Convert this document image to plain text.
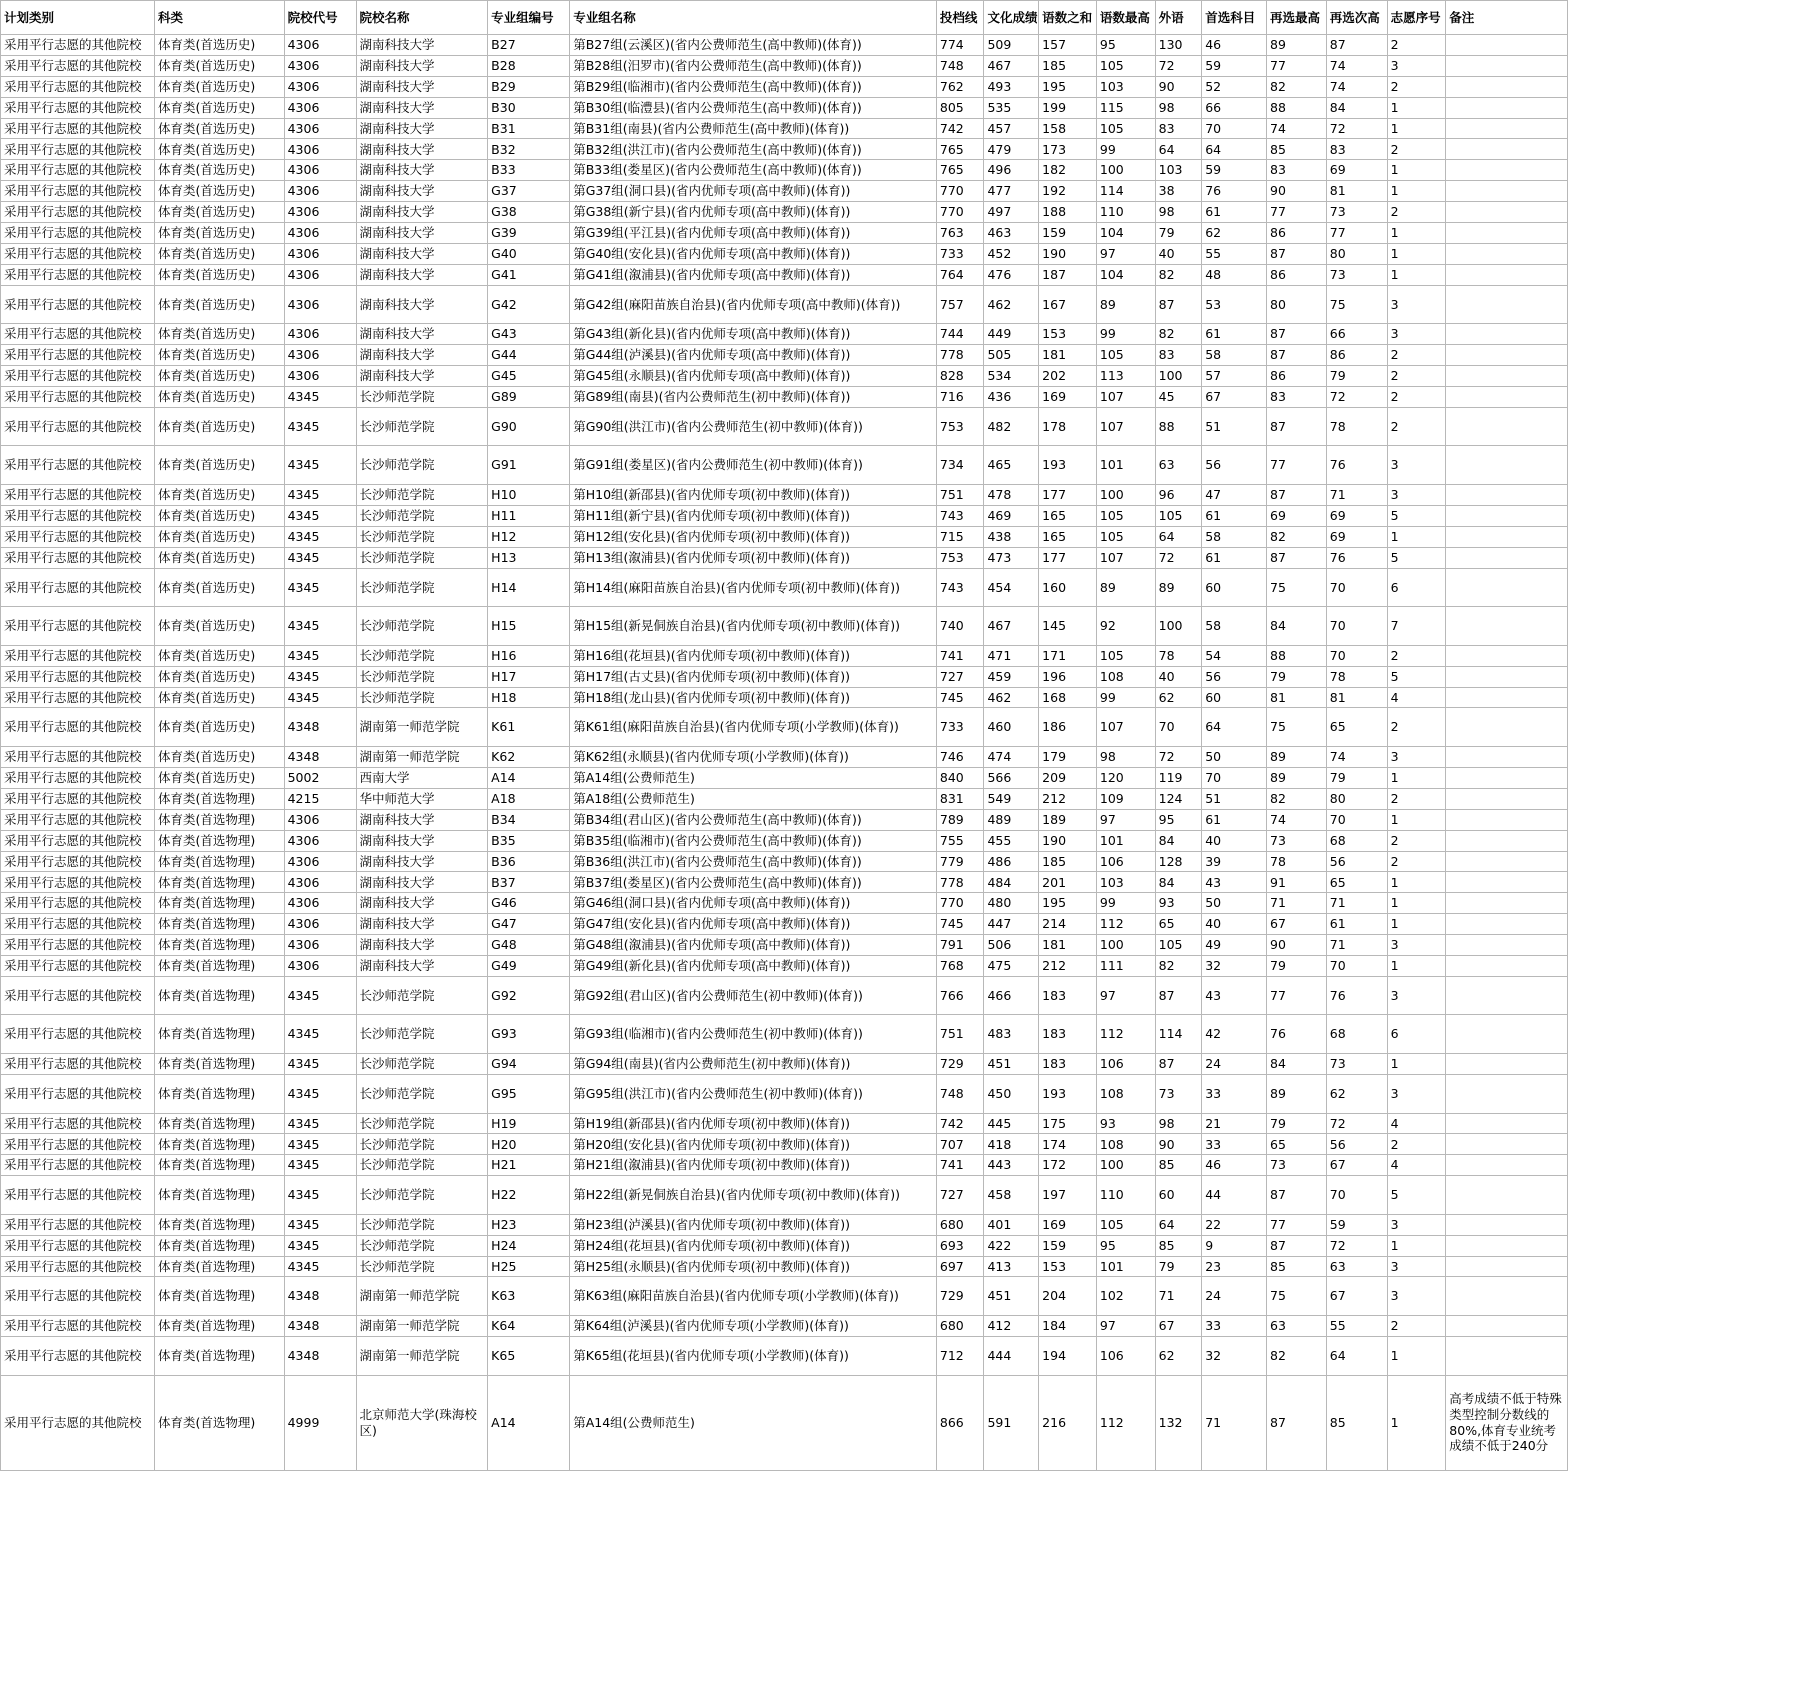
计划类别	科类	院校代号	院校名称	专业组编号	专业组名称	投档线	文化成绩	语数之和	语数最高	外语	首选科目	再选最高	再选次高	志愿序号	备注
采用平行志愿的其他院校	体育类(首选历史)	4306	湖南科技大学	B27	第B27组(云溪区)(省内公费师范生(高中教师)(体育))	774	509	157	95	130	46	89	87	2	
采用平行志愿的其他院校	体育类(首选历史)	4306	湖南科技大学	B28	第B28组(汨罗市)(省内公费师范生(高中教师)(体育))	748	467	185	105	72	59	77	74	3	
采用平行志愿的其他院校	体育类(首选历史)	4306	湖南科技大学	B29	第B29组(临湘市)(省内公费师范生(高中教师)(体育))	762	493	195	103	90	52	82	74	2	
采用平行志愿的其他院校	体育类(首选历史)	4306	湖南科技大学	B30	第B30组(临澧县)(省内公费师范生(高中教师)(体育))	805	535	199	115	98	66	88	84	1	
采用平行志愿的其他院校	体育类(首选历史)	4306	湖南科技大学	B31	第B31组(南县)(省内公费师范生(高中教师)(体育))	742	457	158	105	83	70	74	72	1	
采用平行志愿的其他院校	体育类(首选历史)	4306	湖南科技大学	B32	第B32组(洪江市)(省内公费师范生(高中教师)(体育))	765	479	173	99	64	64	85	83	2	
采用平行志愿的其他院校	体育类(首选历史)	4306	湖南科技大学	B33	第B33组(娄星区)(省内公费师范生(高中教师)(体育))	765	496	182	100	103	59	83	69	1	
采用平行志愿的其他院校	体育类(首选历史)	4306	湖南科技大学	G37	第G37组(洞口县)(省内优师专项(高中教师)(体育))	770	477	192	114	38	76	90	81	1	
采用平行志愿的其他院校	体育类(首选历史)	4306	湖南科技大学	G38	第G38组(新宁县)(省内优师专项(高中教师)(体育))	770	497	188	110	98	61	77	73	2	
采用平行志愿的其他院校	体育类(首选历史)	4306	湖南科技大学	G39	第G39组(平江县)(省内优师专项(高中教师)(体育))	763	463	159	104	79	62	86	77	1	
采用平行志愿的其他院校	体育类(首选历史)	4306	湖南科技大学	G40	第G40组(安化县)(省内优师专项(高中教师)(体育))	733	452	190	97	40	55	87	80	1	
采用平行志愿的其他院校	体育类(首选历史)	4306	湖南科技大学	G41	第G41组(溆浦县)(省内优师专项(高中教师)(体育))	764	476	187	104	82	48	86	73	1	
采用平行志愿的其他院校	体育类(首选历史)	4306	湖南科技大学	G42	第G42组(麻阳苗族自治县)(省内优师专项(高中教师)(体育))	757	462	167	89	87	53	80	75	3	
采用平行志愿的其他院校	体育类(首选历史)	4306	湖南科技大学	G43	第G43组(新化县)(省内优师专项(高中教师)(体育))	744	449	153	99	82	61	87	66	3	
采用平行志愿的其他院校	体育类(首选历史)	4306	湖南科技大学	G44	第G44组(泸溪县)(省内优师专项(高中教师)(体育))	778	505	181	105	83	58	87	86	2	
采用平行志愿的其他院校	体育类(首选历史)	4306	湖南科技大学	G45	第G45组(永顺县)(省内优师专项(高中教师)(体育))	828	534	202	113	100	57	86	79	2	
采用平行志愿的其他院校	体育类(首选历史)	4345	长沙师范学院	G89	第G89组(南县)(省内公费师范生(初中教师)(体育))	716	436	169	107	45	67	83	72	2	
采用平行志愿的其他院校	体育类(首选历史)	4345	长沙师范学院	G90	第G90组(洪江市)(省内公费师范生(初中教师)(体育))	753	482	178	107	88	51	87	78	2	
采用平行志愿的其他院校	体育类(首选历史)	4345	长沙师范学院	G91	第G91组(娄星区)(省内公费师范生(初中教师)(体育))	734	465	193	101	63	56	77	76	3	
采用平行志愿的其他院校	体育类(首选历史)	4345	长沙师范学院	H10	第H10组(新邵县)(省内优师专项(初中教师)(体育))	751	478	177	100	96	47	87	71	3	
采用平行志愿的其他院校	体育类(首选历史)	4345	长沙师范学院	H11	第H11组(新宁县)(省内优师专项(初中教师)(体育))	743	469	165	105	105	61	69	69	5	
采用平行志愿的其他院校	体育类(首选历史)	4345	长沙师范学院	H12	第H12组(安化县)(省内优师专项(初中教师)(体育))	715	438	165	105	64	58	82	69	1	
采用平行志愿的其他院校	体育类(首选历史)	4345	长沙师范学院	H13	第H13组(溆浦县)(省内优师专项(初中教师)(体育))	753	473	177	107	72	61	87	76	5	
采用平行志愿的其他院校	体育类(首选历史)	4345	长沙师范学院	H14	第H14组(麻阳苗族自治县)(省内优师专项(初中教师)(体育))	743	454	160	89	89	60	75	70	6	
采用平行志愿的其他院校	体育类(首选历史)	4345	长沙师范学院	H15	第H15组(新晃侗族自治县)(省内优师专项(初中教师)(体育))	740	467	145	92	100	58	84	70	7	
采用平行志愿的其他院校	体育类(首选历史)	4345	长沙师范学院	H16	第H16组(花垣县)(省内优师专项(初中教师)(体育))	741	471	171	105	78	54	88	70	2	
采用平行志愿的其他院校	体育类(首选历史)	4345	长沙师范学院	H17	第H17组(古丈县)(省内优师专项(初中教师)(体育))	727	459	196	108	40	56	79	78	5	
采用平行志愿的其他院校	体育类(首选历史)	4345	长沙师范学院	H18	第H18组(龙山县)(省内优师专项(初中教师)(体育))	745	462	168	99	62	60	81	81	4	
采用平行志愿的其他院校	体育类(首选历史)	4348	湖南第一师范学院	K61	第K61组(麻阳苗族自治县)(省内优师专项(小学教师)(体育))	733	460	186	107	70	64	75	65	2	
采用平行志愿的其他院校	体育类(首选历史)	4348	湖南第一师范学院	K62	第K62组(永顺县)(省内优师专项(小学教师)(体育))	746	474	179	98	72	50	89	74	3	
采用平行志愿的其他院校	体育类(首选历史)	5002	西南大学	A14	第A14组(公费师范生)	840	566	209	120	119	70	89	79	1	
采用平行志愿的其他院校	体育类(首选物理)	4215	华中师范大学	A18	第A18组(公费师范生)	831	549	212	109	124	51	82	80	2	
采用平行志愿的其他院校	体育类(首选物理)	4306	湖南科技大学	B34	第B34组(君山区)(省内公费师范生(高中教师)(体育))	789	489	189	97	95	61	74	70	1	
采用平行志愿的其他院校	体育类(首选物理)	4306	湖南科技大学	B35	第B35组(临湘市)(省内公费师范生(高中教师)(体育))	755	455	190	101	84	40	73	68	2	
采用平行志愿的其他院校	体育类(首选物理)	4306	湖南科技大学	B36	第B36组(洪江市)(省内公费师范生(高中教师)(体育))	779	486	185	106	128	39	78	56	2	
采用平行志愿的其他院校	体育类(首选物理)	4306	湖南科技大学	B37	第B37组(娄星区)(省内公费师范生(高中教师)(体育))	778	484	201	103	84	43	91	65	1	
采用平行志愿的其他院校	体育类(首选物理)	4306	湖南科技大学	G46	第G46组(洞口县)(省内优师专项(高中教师)(体育))	770	480	195	99	93	50	71	71	1	
采用平行志愿的其他院校	体育类(首选物理)	4306	湖南科技大学	G47	第G47组(安化县)(省内优师专项(高中教师)(体育))	745	447	214	112	65	40	67	61	1	
采用平行志愿的其他院校	体育类(首选物理)	4306	湖南科技大学	G48	第G48组(溆浦县)(省内优师专项(高中教师)(体育))	791	506	181	100	105	49	90	71	3	
采用平行志愿的其他院校	体育类(首选物理)	4306	湖南科技大学	G49	第G49组(新化县)(省内优师专项(高中教师)(体育))	768	475	212	111	82	32	79	70	1	
采用平行志愿的其他院校	体育类(首选物理)	4345	长沙师范学院	G92	第G92组(君山区)(省内公费师范生(初中教师)(体育))	766	466	183	97	87	43	77	76	3	
采用平行志愿的其他院校	体育类(首选物理)	4345	长沙师范学院	G93	第G93组(临湘市)(省内公费师范生(初中教师)(体育))	751	483	183	112	114	42	76	68	6	
采用平行志愿的其他院校	体育类(首选物理)	4345	长沙师范学院	G94	第G94组(南县)(省内公费师范生(初中教师)(体育))	729	451	183	106	87	24	84	73	1	
采用平行志愿的其他院校	体育类(首选物理)	4345	长沙师范学院	G95	第G95组(洪江市)(省内公费师范生(初中教师)(体育))	748	450	193	108	73	33	89	62	3	
采用平行志愿的其他院校	体育类(首选物理)	4345	长沙师范学院	H19	第H19组(新邵县)(省内优师专项(初中教师)(体育))	742	445	175	93	98	21	79	72	4	
采用平行志愿的其他院校	体育类(首选物理)	4345	长沙师范学院	H20	第H20组(安化县)(省内优师专项(初中教师)(体育))	707	418	174	108	90	33	65	56	2	
采用平行志愿的其他院校	体育类(首选物理)	4345	长沙师范学院	H21	第H21组(溆浦县)(省内优师专项(初中教师)(体育))	741	443	172	100	85	46	73	67	4	
采用平行志愿的其他院校	体育类(首选物理)	4345	长沙师范学院	H22	第H22组(新晃侗族自治县)(省内优师专项(初中教师)(体育))	727	458	197	110	60	44	87	70	5	
采用平行志愿的其他院校	体育类(首选物理)	4345	长沙师范学院	H23	第H23组(泸溪县)(省内优师专项(初中教师)(体育))	680	401	169	105	64	22	77	59	3	
采用平行志愿的其他院校	体育类(首选物理)	4345	长沙师范学院	H24	第H24组(花垣县)(省内优师专项(初中教师)(体育))	693	422	159	95	85	9	87	72	1	
采用平行志愿的其他院校	体育类(首选物理)	4345	长沙师范学院	H25	第H25组(永顺县)(省内优师专项(初中教师)(体育))	697	413	153	101	79	23	85	63	3	
采用平行志愿的其他院校	体育类(首选物理)	4348	湖南第一师范学院	K63	第K63组(麻阳苗族自治县)(省内优师专项(小学教师)(体育))	729	451	204	102	71	24	75	67	3	
采用平行志愿的其他院校	体育类(首选物理)	4348	湖南第一师范学院	K64	第K64组(泸溪县)(省内优师专项(小学教师)(体育))	680	412	184	97	67	33	63	55	2	
采用平行志愿的其他院校	体育类(首选物理)	4348	湖南第一师范学院	K65	第K65组(花垣县)(省内优师专项(小学教师)(体育))	712	444	194	106	62	32	82	64	1	
采用平行志愿的其他院校	体育类(首选物理)	4999	北京师范大学(珠海校区)	A14	第A14组(公费师范生)	866	591	216	112	132	71	87	85	1	高考成绩不低于特殊类型控制分数线的80%,体育专业统考成绩不低于240分
